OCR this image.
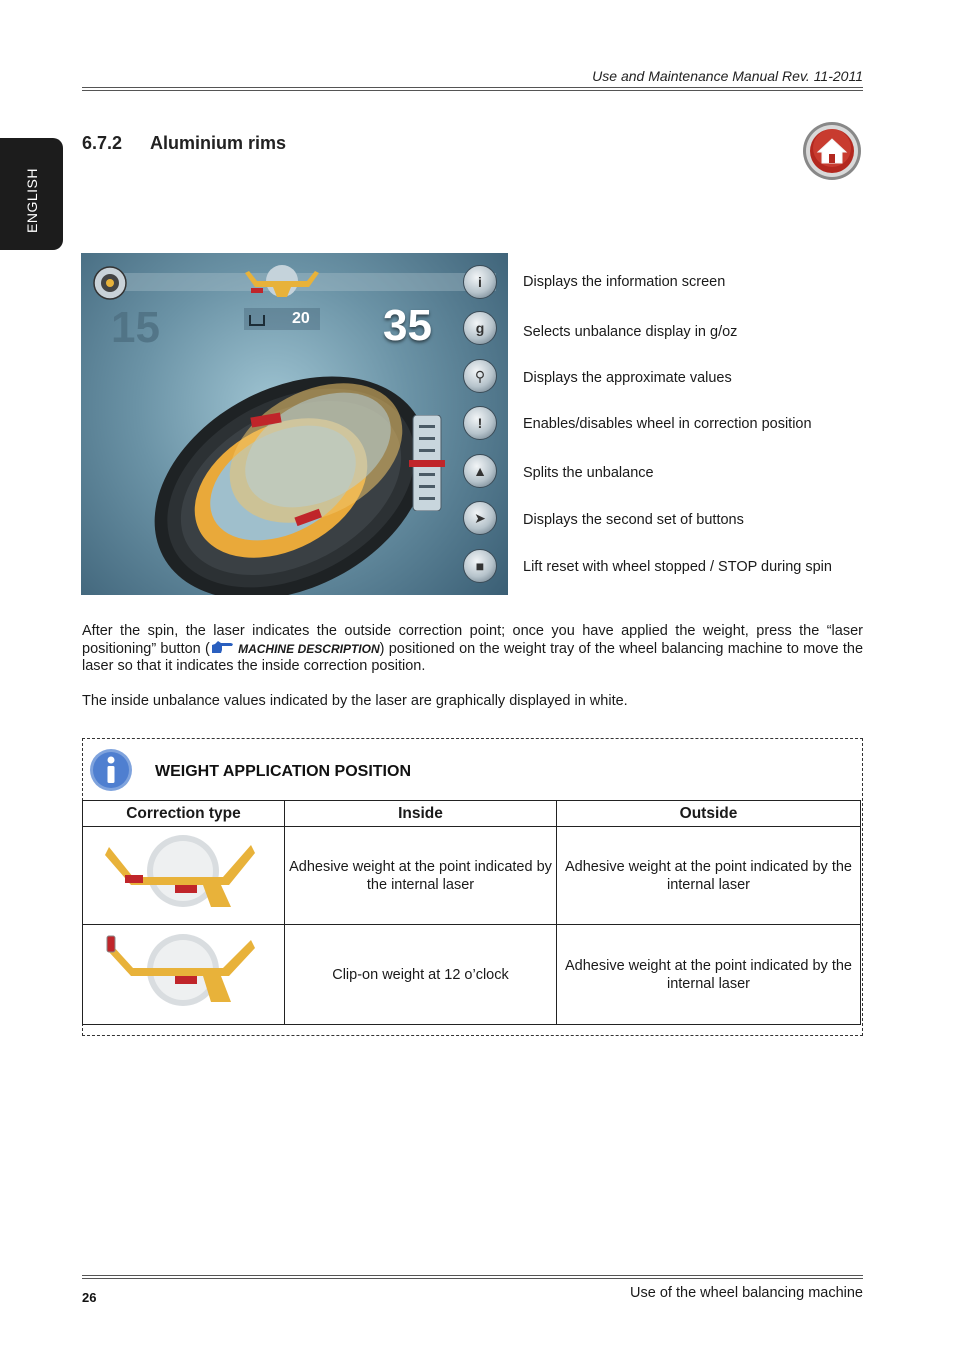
Use and Maintenance Manual Rev. 11-2011
ENGLISH
6.7.2 Aluminium rims
20
15	35
i
g
⚲
!
▲
➤
■
Displays the information screen
Selects unbalance display in g/oz
Displays the approximate values
Enables/disables wheel in correction position
Splits the unbalance
Displays the second set of buttons
Lift reset with wheel stopped / STOP during spin
After the spin, the laser indicates the outside correction point; once you have applied the weight, press the “laser positioning” button ( MACHINE DESCRIPTION) positioned on the weight tray of the wheel balancing machine to move the laser so that it indicates the inside correction position.
The inside unbalance values indicated by the laser are graphically displayed in white.
WEIGHT APPLICATION POSITION
Correction type	Inside	Outside
	Adhesive weight at the point indicated by the internal laser	Adhesive weight at the point indicated by the internal laser
	Clip-on weight at 12 o’clock	Adhesive weight at the point indicated by the internal laser
26	Use of the wheel balancing machine
